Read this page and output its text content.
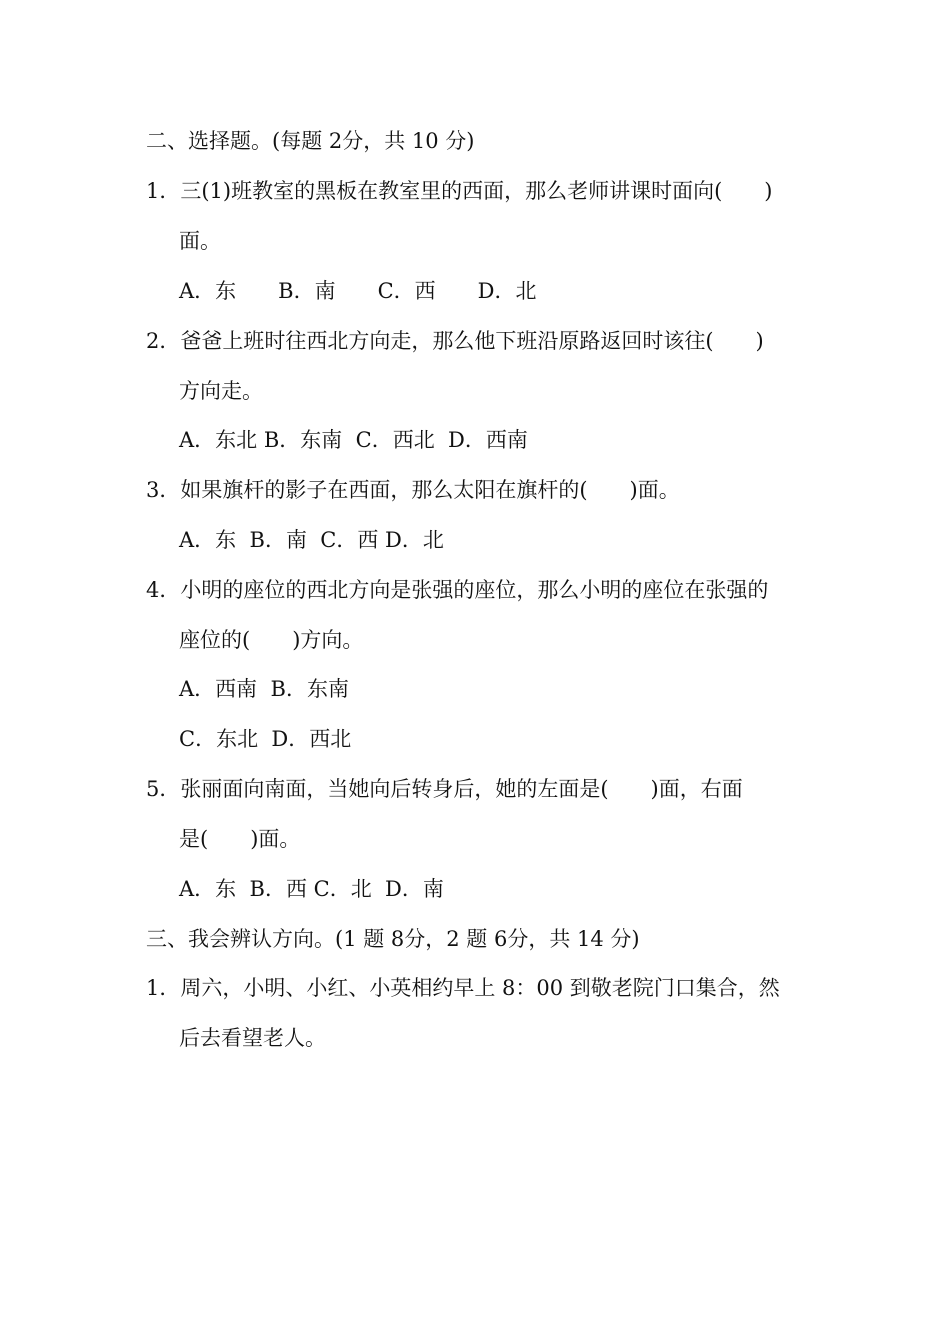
二、选择题。(每题 2分，共 10 分)
1．三(1)班教室的黑板在教室里的西面，那么老师讲课时面向(　　)
面。
A．东　　B．南　　C．西　　D．北
2．爸爸上班时往西北方向走，那么他下班沿原路返回时该往(　　)
方向走。
A．东北 B．东南  C．西北  D．西南
3．如果旗杆的影子在西面，那么太阳在旗杆的(　　)面。
A．东  B．南  C．西 D．北
4．小明的座位的西北方向是张强的座位，那么小明的座位在张强的
座位的(　　)方向。
A．西南  B．东南
C．东北  D．西北
5．张丽面向南面，当她向后转身后，她的左面是(　　)面，右面
是(　　)面。
A．东  B．西 C．北  D．南
三、我会辨认方向。(1 题 8分，2 题 6分，共 14 分)
1．周六，小明、小红、小英相约早上 8：00 到敬老院门口集合，然
后去看望老人。
